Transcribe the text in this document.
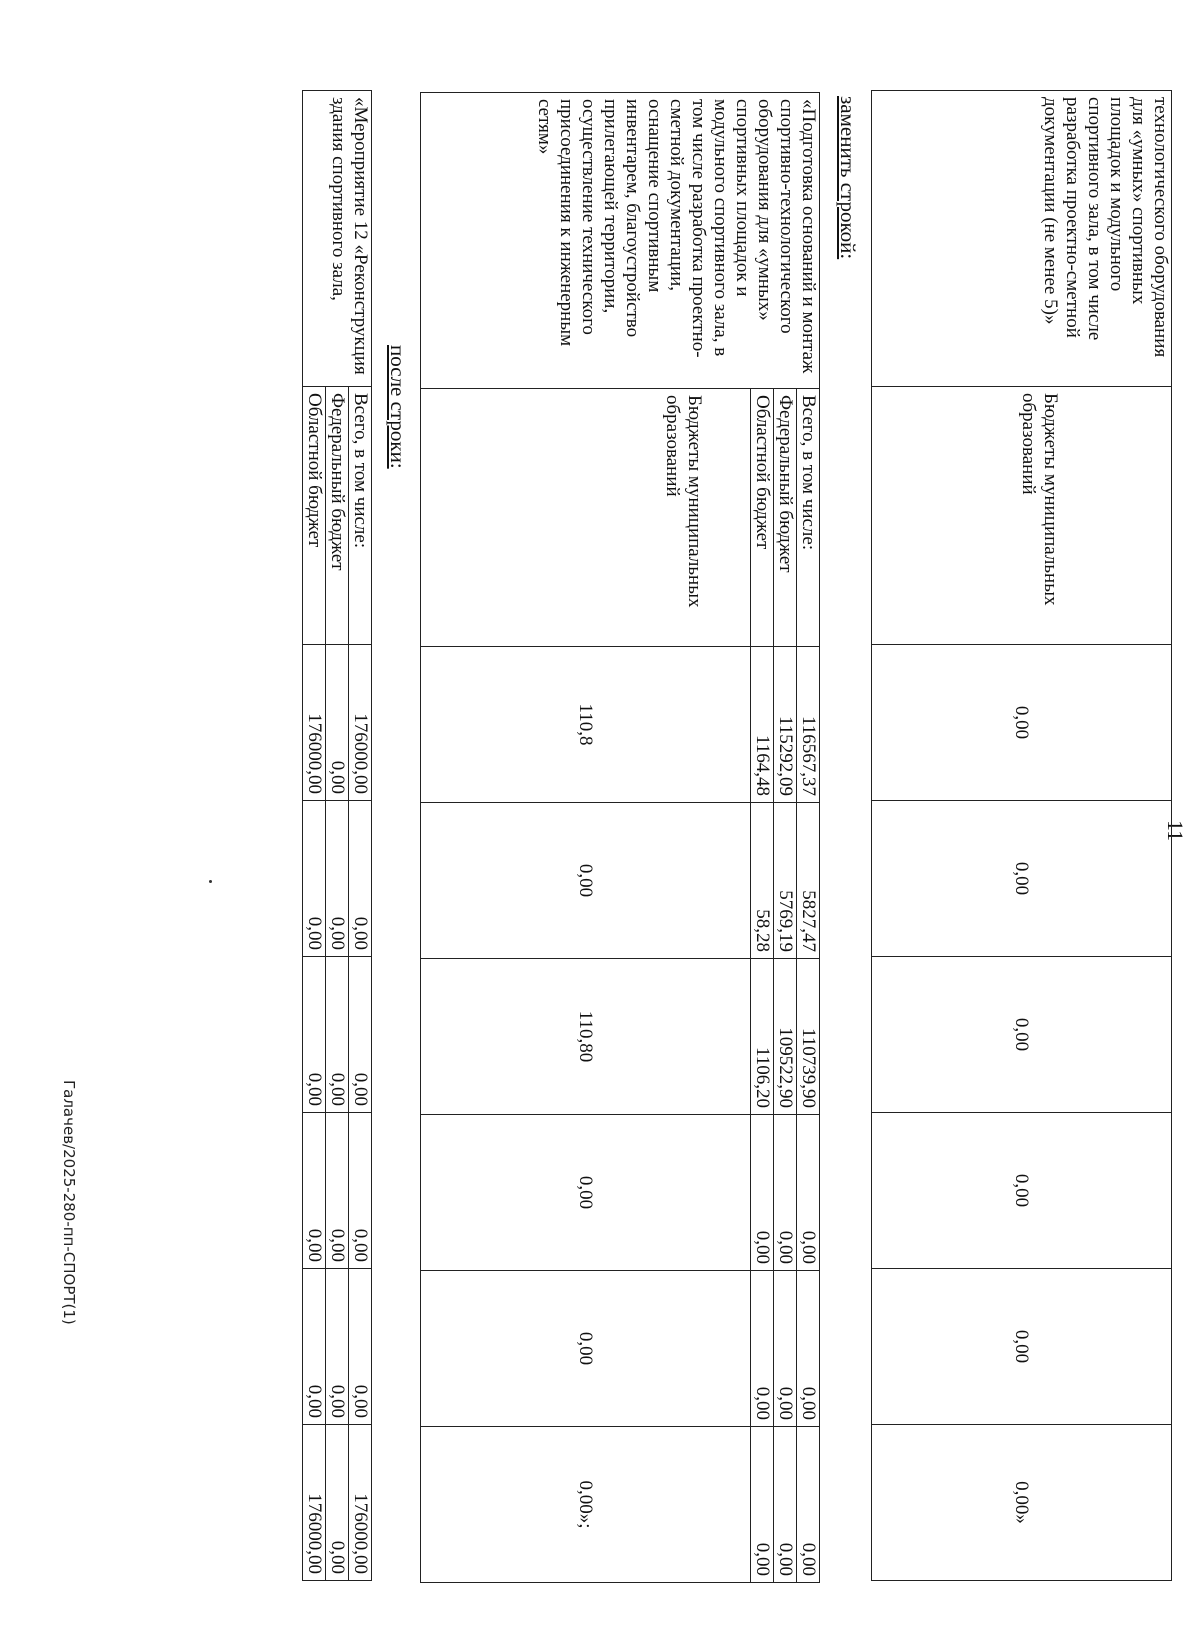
11
технологического оборудования для «умных» спортивных площадок и модульного спортивного зала, в том числе разработка проектно-сметной документации (не менее 5)»	Бюджеты муниципальных образований	0,00	0,00	0,00	0,00	0,00	0,00»
заменить строкой:
«Подготовка оснований и монтаж спортивно-технологического оборудования для «умных» спортивных площадок и модульного спортивного зала, в том числе разработка проектно-сметной документации, оснащение спортивным инвентарем, благоустройство прилегающей территории, осуществление технического присоединения к инженерным сетям»	Всего, в том числе:	116567,37	5827,47	110739,90	0,00	0,00	0,00
	Федеральный бюджет	115292,09	5769,19	109522,90	0,00	0,00	0,00
	Областной бюджет	1164,48	58,28	1106,20	0,00	0,00	0,00
	Бюджеты муниципальных образований	110,8	0,00	110,80	0,00	0,00	0,00»;
после строки:
«Мероприятие 12 «Реконструкция здания спортивного зала,	Всего, в том числе:	176000,00	0,00	0,00	0,00	0,00	176000,00
	Федеральный бюджет	0,00	0,00	0,00	0,00	0,00	0,00
	Областной бюджет	176000,00	0,00	0,00	0,00	0,00	176000,00
Галачев/2025-280-пп-СПОРТ(1)
